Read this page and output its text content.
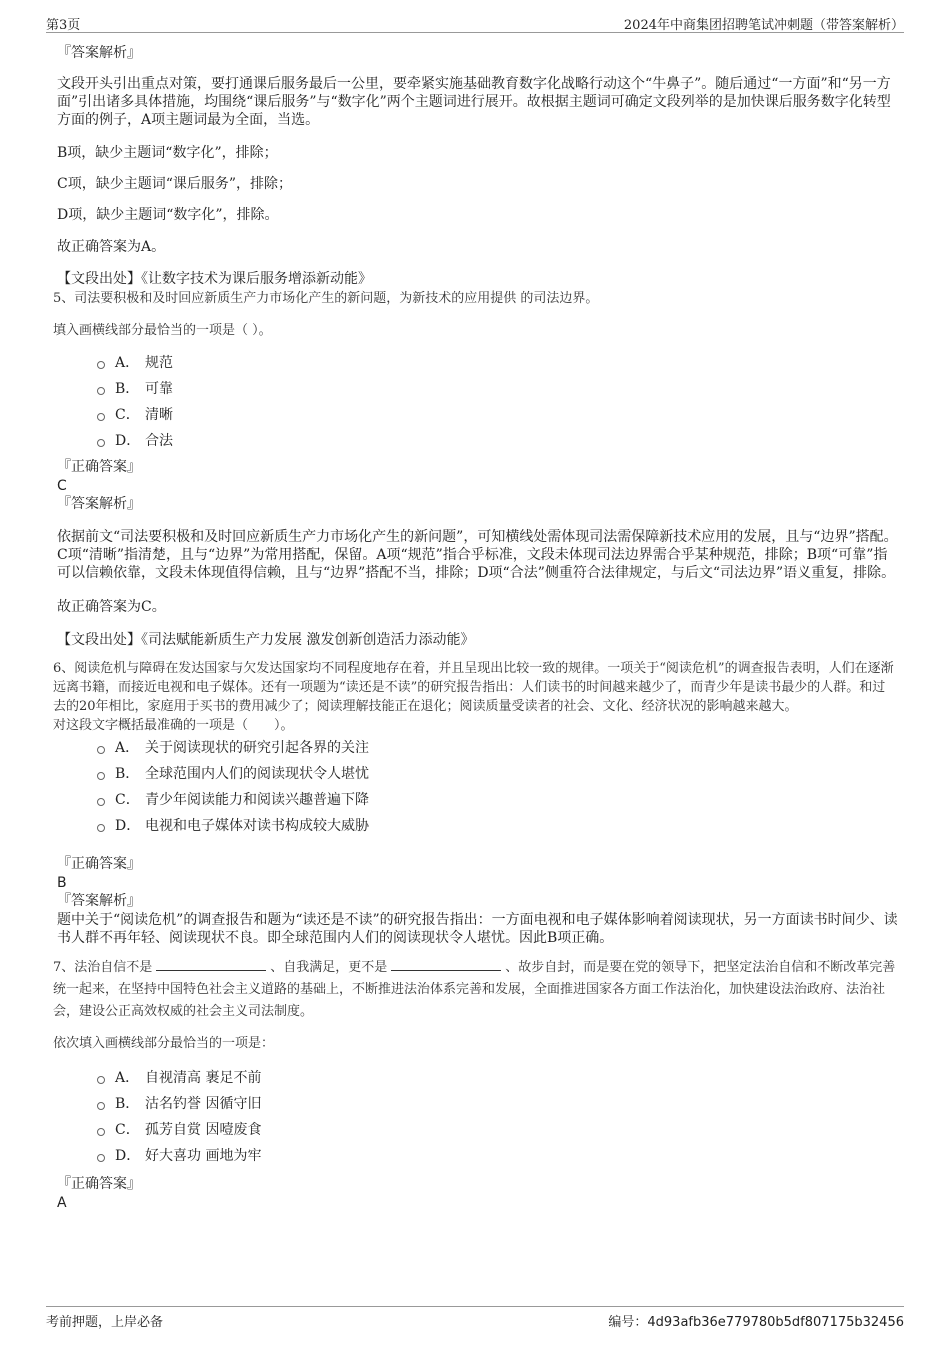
第3页	2024年中商集团招聘笔试冲刺题（带答案解析）

『答案解析』

文段开头引出重点对策，要打通课后服务最后一公里，要牵紧实施基础教育数字化战略行动这个“牛鼻子”。随后通过“一方面”和“另一方面”引出诸多具体措施，均围绕“课后服务”与“数字化”两个主题词进行展开。故根据主题词可确定文段列举的是加快课后服务数字化转型方面的例子，A项主题词最为全面，当选。

B项，缺少主题词“数字化”，排除；

C项，缺少主题词“课后服务”，排除；

D项，缺少主题词“数字化”，排除。

故正确答案为A。

【文段出处】《让数字技术为课后服务增添新动能》

5、司法要积极和及时回应新质生产力市场化产生的新问题，为新技术的应用提供 的司法边界。

填入画横线部分最恰当的一项是（ ）。

A． 规范
B． 可靠
C． 清晰
D． 合法

『正确答案』

C

『答案解析』

依据前文“司法要积极和及时回应新质生产力市场化产生的新问题”，可知横线处需体现司法需保障新技术应用的发展，且与“边界”搭配。C项“清晰”指清楚，且与“边界”为常用搭配，保留。A项“规范”指合乎标准，文段未体现司法边界需合乎某种规范，排除；B项“可靠”指可以信赖依靠，文段未体现值得信赖，且与“边界”搭配不当，排除；D项“合法”侧重符合法律规定，与后文“司法边界”语义重复，排除。

故正确答案为C。

【文段出处】《司法赋能新质生产力发展 激发创新创造活力添动能》

6、阅读危机与障碍在发达国家与欠发达国家均不同程度地存在着，并且呈现出比较一致的规律。一项关于“阅读危机”的调查报告表明，人们在逐渐远离书籍，而接近电视和电子媒体。还有一项题为“读还是不读”的研究报告指出：人们读书的时间越来越少了，而青少年是读书最少的人群。和过去的20年相比，家庭用于买书的费用减少了；阅读理解技能正在退化；阅读质量受读者的社会、文化、经济状况的影响越来越大。

对这段文字概括最准确的一项是（　　）。

A． 关于阅读现状的研究引起各界的关注
B． 全球范围内人们的阅读现状令人堪忧
C． 青少年阅读能力和阅读兴趣普遍下降
D． 电视和电子媒体对读书构成较大威胁

『正确答案』

B

『答案解析』

题中关于“阅读危机”的调查报告和题为“读还是不读”的研究报告指出：一方面电视和电子媒体影响着阅读现状，另一方面读书时间少、读书人群不再年轻、阅读现状不良。即全球范围内人们的阅读现状令人堪忧。因此B项正确。

7、法治自信不是	、自我满足，更不是	、故步自封，而是要在党的领导下，把坚定法治自信和不断改革完善统一起来，在坚持中国特色社会主义道路的基础上，不断推进法治体系完善和发展，全面推进国家各方面工作法治化，加快建设法治政府、法治社会，建设公正高效权威的社会主义司法制度。

依次填入画横线部分最恰当的一项是：

A． 自视清高 裹足不前
B． 沽名钓誉 因循守旧
C． 孤芳自赏 因噎废食
D． 好大喜功 画地为牢

『正确答案』

A

考前押题，上岸必备	编号：4d93afb36e779780b5df807175b32456
